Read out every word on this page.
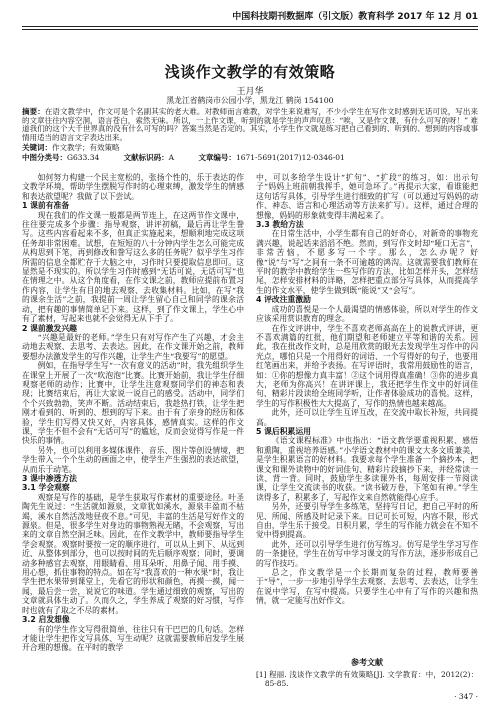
中国科技期刊数据库（引文版）教育科学 2017 年 12 月 01
浅谈作文教学的有效策略
王月华
黑龙江省鹤岗市公园小学，黑龙江 鹤岗 154100

摘要：在语文教学中，作文可是个名副其实的老大难。对教师而言难教，对学生来说难写，不少小学生在写作文时感到无话可说，写出来的文章往往内容空洞，语言苍白，索然无味。所以，一上作文课，听到的就是学生的声声叹息：“唉，又是作文课，有什么可写的呀！” 难道我们的这个大千世界真的没有什么可写的吗？答案当然是否定的。其实，小学生作文就是练习把自己看到的、听到的、想到的内容或事情用适当的语言文字表达出来。

关键词：作文教学；有效策略

中图分类号：G633.34	文献标识码：A	文章编号：1671-5691(2017)12-0346-01

如何努力构建一个民主宽松的，张扬个性的，乐于表达的作文教学环境，帮助学生摆脱写作时的心理束缚，激发学生的情感和表达欲望呢？我做了以下尝试。

1 课前有准备

现在我们的作文课一般都是两节连上，在这两节作文课中，往往要完成多个步骤：指导观察，讲评初稿，最后再让学生誊写。这些内容看起来不多，但真正实施起来，想顺利地完成这项任务却非常困难。试想，在短短的八十分钟内学生怎么可能完成从构思到下笔，再到修改和誊写这么多的任务呢？似乎学生习作所需的信息全都贮存于大脑之中，习作时只要提取信息即可。这显然是不现实的。所以学生习作时感到“无话可说，无话可写”也在情理之中。从这个角度看，在作文课之前，教师应提前布置习作内容，让学生有目的地去观察、去收集材料。比如，在写“我的课余生活”之前，我提前一周让学生留心自己和同学的课余活动，把有趣的事情简单记下来。这样，到了作文课上，学生心中有了素材，写起来也就不会觉得无从下手了。

2 课前激发兴趣

“兴趣是最好的老师。”学生只有对写作产生了兴趣，才会主动地去观察、去思考、去表达。因此，在作文课开始之前，教师要想办法激发学生的写作兴趣，让学生产生“我要写”的愿望。

例如，在指导学生写“一次有意义的活动”时，我先组织学生在课堂上开展了一次“吹泡泡”比赛。比赛开始前，我让学生仔细观察老师的动作；比赛中，让学生注意观察同学们的神态和表现；比赛结束后，再让大家说一说自己的感受。活动中，同学们个个兴致勃勃，笑声不断。活动结束后，我趁热打铁，让学生把刚才看到的、听到的、想到的写下来。由于有了亲身的经历和体验，学生们写得又快又好，内容具体，感情真实。这样的作文课，学生不但不会有“无话可写”的尴尬，反而会觉得写作是一件快乐的事情。

另外，也可以利用多媒体课件、音乐、图片等创设情境，把学生带入一个个生动的画面之中，使学生产生强烈的表达欲望，从而乐于动笔。

3 课中渗透方法
3.1 学会观察

观察是写作的基础，是学生获取写作素材的重要途径。叶圣陶先生说过：“生活就如源泉，文章犹如溪水，源泉丰盈而不枯竭，溪水自然活泼地昼夜不息。”可见，丰富的生活是写好作文的源泉。但是，很多学生对身边的事物熟视无睹，不会观察，写出来的文章自然空洞乏味。因此，在作文教学中，教师要指导学生学会观察。观察时要按一定的顺序进行，可以从上到下、从远到近、从整体到部分，也可以按时间的先后顺序观察；同时，要调动多种感官去观察，用眼睛看、用耳朵听、用鼻子闻、用手摸、用心想，抓住事物的特点。如在写“我喜欢的一种水果”时，我让学生把水果带到课堂上，先看它的形状和颜色，再摸一摸，闻一闻，最后尝一尝，说说它的味道。学生通过细致的观察，写出的文章就具体生动了。久而久之，学生养成了观察的好习惯，写作时也就有了取之不尽的素材。

3.2 启发想像

有的学生作文写得很简单，往往只有干巴巴的几句话。怎样才能让学生把作文写具体、写生动呢？这就需要教师启发学生展开合理的想像。在平时的教学

中，可以多给学生设计“扩句”、“扩段”的练习，如：出示句子“妈妈上班前朝我挥手，她可急坏了。”再提示大家，看谁能把这句话写具体，引导学生进行细致的扩写（可以通过写妈妈的动作、神态、语言和心理活动等方法来扩写）。这样，通过合理的想像，妈妈的形象就变得丰满起来了。

3.3 教给方法

在日常生活中，小学生都有自己的好奇心，对新奇的事物充满兴趣，说起话来滔滔不绝。然而，到写作文时却“哑口无言”，非常苦恼，不愿多写一个字。那么，怎么办呢？好像“说”与“写”之间有一条不可逾越的鸿沟。这就需要我们教师在平时的教学中教给学生一些写作的方法，比如怎样开头，怎样结尾，怎样安排材料的详略，怎样把重点部分写具体，从而提高学生的作文水平，使学生做到既“能说”又“会写”。

4 评改注重激励

成功的喜悦是一个人最渴望的情感体验，所以对学生的作文应该采用赏识教育的理念。

在作文评讲中，学生不喜欢老师高高在上的说教式评讲，更不喜欢满篇的红批，他们期望和老师建立平等和谐的关系。因此，我在批改作文时，总是用欣赏的眼光去发现学生习作中的闪光点，哪怕只是一个用得好的词语、一个写得好的句子，也要用红笔画出来，并给予表扬。在写评语时，我常用鼓励性的语言，如：①你的想像力真丰富！②这个词用得真准确！③你的进步真大，老师为你高兴！在讲评课上，我还把学生作文中的好词佳句、精彩片段读给全班同学听，让作者体验成功的喜悦。这样，学生的写作积极性大大提高了，写作的热情也越来越高。

此外，还可以让学生互评互改，在交流中取长补短，共同提高。

5 课后积累运用

《语文课程标准》中也指出：“语文教学要重视积累、感悟和熏陶，重视培养语感。”小学语文教材中的课文大多文质兼美，是学生积累语言的好材料。我要求每个学生准备一个摘抄本，把课文和课外读物中的好词佳句、精彩片段摘抄下来，并经常读一读、背一背。同时，鼓励学生多读课外书，每周安排一节阅读课，让学生交流读书的收获。“读书破万卷，下笔如有神。”学生读得多了，积累多了，写起作文来自然就能得心应手。

另外，还要引导学生多练笔，坚持写日记，把自己平时的所见、所闻、所感及时记录下来。日记可长可短，内容不限，形式自由，学生乐于接受。日积月累，学生的写作能力就会在不知不觉中得到提高。

此外，还可以引导学生进行仿写练习。仿写是学生学习写作的一条捷径，学生在仿写中学习课文的写作方法，逐步形成自己的写作技巧。

总之，作文教学是一个长期而复杂的过程，教师要善于“导”，一步一步地引导学生去观察、去思考、去表达，让学生在说中学写，在写中提高。只要学生心中有了写作的兴趣和热情，就一定能写出好作文。

参考文献

[1] 程丽. 浅谈作文教学的有效策略[J]. 文学教育：中，2012(2)：85-85.

· 347 ·
